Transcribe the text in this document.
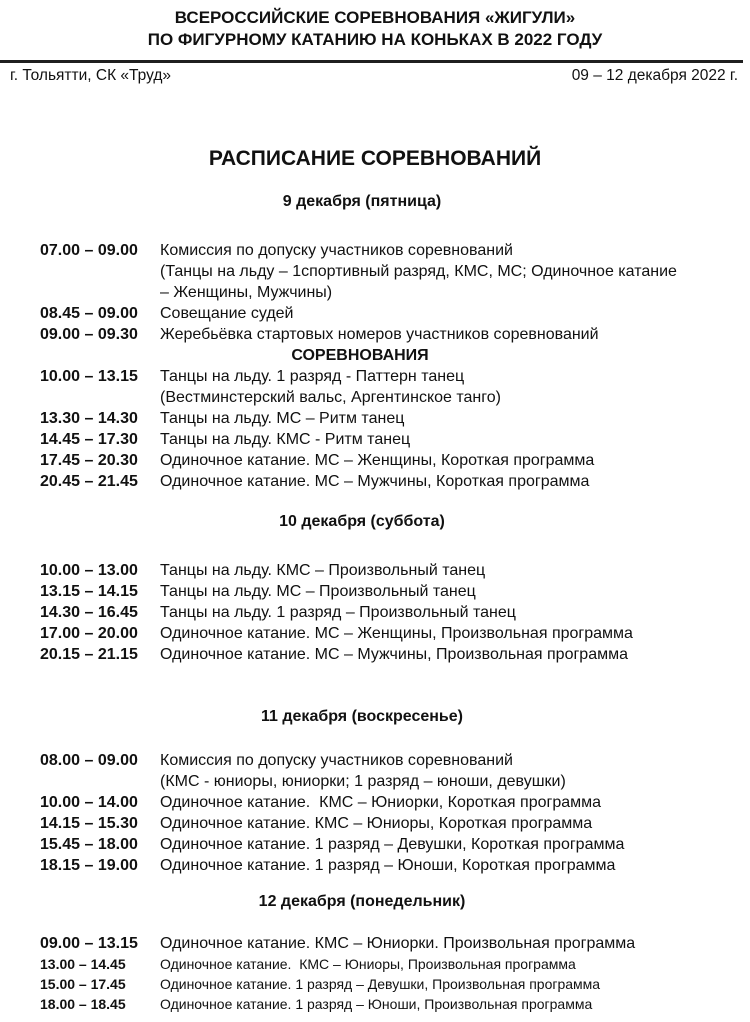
ВСЕРОССИЙСКИЕ СОРЕВНОВАНИЯ «ЖИГУЛИ»
ПО ФИГУРНОМУ КАТАНИЮ НА КОНЬКАХ В 2022 ГОДУ
г. Тольятти, СК «Труд»	09 – 12 декабря 2022 г.
РАСПИСАНИЕ СОРЕВНОВАНИЙ
9 декабря (пятница)
07.00 – 09.00	Комиссия по допуску участников соревнований
(Танцы на льду – 1спортивный разряд, КМС, МС; Одиночное катание
– Женщины, Мужчины)
08.45 – 09.00	Совещание судей
09.00 – 09.30	Жеребьёвка стартовых номеров участников соревнований
СОРЕВНОВАНИЯ
10.00 – 13.15	Танцы на льду. 1 разряд - Паттерн танец
(Вестминстерский вальс, Аргентинское танго)
13.30 – 14.30	Танцы на льду. МС – Ритм танец
14.45 – 17.30	Танцы на льду. КМС - Ритм танец
17.45 – 20.30	Одиночное катание. МС – Женщины, Короткая программа
20.45 – 21.45	Одиночное катание. МС – Мужчины, Короткая программа
10 декабря (суббота)
10.00 – 13.00	Танцы на льду. КМС – Произвольный танец
13.15 – 14.15	Танцы на льду. МС – Произвольный танец
14.30 – 16.45	Танцы на льду. 1 разряд – Произвольный танец
17.00 – 20.00	Одиночное катание. МС – Женщины, Произвольная программа
20.15 – 21.15	Одиночное катание. МС – Мужчины, Произвольная программа
11 декабря (воскресенье)
08.00 – 09.00	Комиссия по допуску участников соревнований
(КМС - юниоры, юниорки; 1 разряд – юноши, девушки)
10.00 – 14.00	Одиночное катание.  КМС – Юниорки, Короткая программа
14.15 – 15.30	Одиночное катание. КМС – Юниоры, Короткая программа
15.45 – 18.00	Одиночное катание. 1 разряд – Девушки, Короткая программа
18.15 – 19.00	Одиночное катание. 1 разряд – Юноши, Короткая программа
12 декабря (понедельник)
09.00 – 13.15	Одиночное катание. КМС – Юниорки. Произвольная программа
13.00 – 14.45	Одиночное катание.  КМС – Юниоры, Произвольная программа
15.00 – 17.45	Одиночное катание. 1 разряд – Девушки, Произвольная программа
18.00 – 18.45	Одиночное катание. 1 разряд – Юноши, Произвольная программа
